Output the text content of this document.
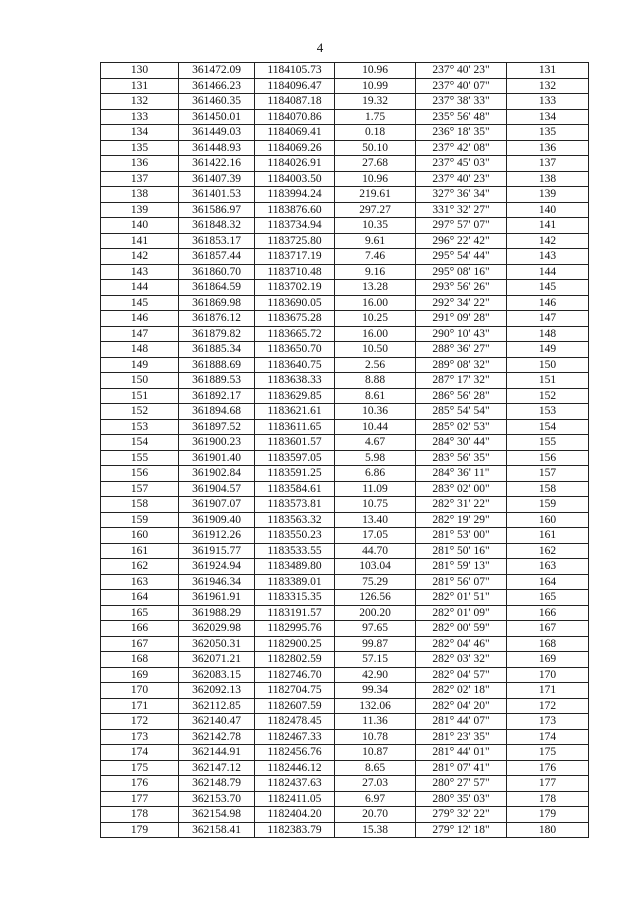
4
130	361472.09	1184105.73	10.96	237° 40' 23"	131
131	361466.23	1184096.47	10.99	237° 40' 07"	132
132	361460.35	1184087.18	19.32	237° 38' 33"	133
133	361450.01	1184070.86	1.75	235° 56' 48"	134
134	361449.03	1184069.41	0.18	236° 18' 35"	135
135	361448.93	1184069.26	50.10	237° 42' 08"	136
136	361422.16	1184026.91	27.68	237° 45' 03"	137
137	361407.39	1184003.50	10.96	237° 40' 23"	138
138	361401.53	1183994.24	219.61	327° 36' 34"	139
139	361586.97	1183876.60	297.27	331° 32' 27"	140
140	361848.32	1183734.94	10.35	297° 57' 07"	141
141	361853.17	1183725.80	9.61	296° 22' 42"	142
142	361857.44	1183717.19	7.46	295° 54' 44"	143
143	361860.70	1183710.48	9.16	295° 08' 16"	144
144	361864.59	1183702.19	13.28	293° 56' 26"	145
145	361869.98	1183690.05	16.00	292° 34' 22"	146
146	361876.12	1183675.28	10.25	291° 09' 28"	147
147	361879.82	1183665.72	16.00	290° 10' 43"	148
148	361885.34	1183650.70	10.50	288° 36' 27"	149
149	361888.69	1183640.75	2.56	289° 08' 32"	150
150	361889.53	1183638.33	8.88	287° 17' 32"	151
151	361892.17	1183629.85	8.61	286° 56' 28"	152
152	361894.68	1183621.61	10.36	285° 54' 54"	153
153	361897.52	1183611.65	10.44	285° 02' 53"	154
154	361900.23	1183601.57	4.67	284° 30' 44"	155
155	361901.40	1183597.05	5.98	283° 56' 35"	156
156	361902.84	1183591.25	6.86	284° 36' 11"	157
157	361904.57	1183584.61	11.09	283° 02' 00"	158
158	361907.07	1183573.81	10.75	282° 31' 22"	159
159	361909.40	1183563.32	13.40	282° 19' 29"	160
160	361912.26	1183550.23	17.05	281° 53' 00"	161
161	361915.77	1183533.55	44.70	281° 50' 16"	162
162	361924.94	1183489.80	103.04	281° 59' 13"	163
163	361946.34	1183389.01	75.29	281° 56' 07"	164
164	361961.91	1183315.35	126.56	282° 01' 51"	165
165	361988.29	1183191.57	200.20	282° 01' 09"	166
166	362029.98	1182995.76	97.65	282° 00' 59"	167
167	362050.31	1182900.25	99.87	282° 04' 46"	168
168	362071.21	1182802.59	57.15	282° 03' 32"	169
169	362083.15	1182746.70	42.90	282° 04' 57"	170
170	362092.13	1182704.75	99.34	282° 02' 18"	171
171	362112.85	1182607.59	132.06	282° 04' 20"	172
172	362140.47	1182478.45	11.36	281° 44' 07"	173
173	362142.78	1182467.33	10.78	281° 23' 35"	174
174	362144.91	1182456.76	10.87	281° 44' 01"	175
175	362147.12	1182446.12	8.65	281° 07' 41"	176
176	362148.79	1182437.63	27.03	280° 27' 57"	177
177	362153.70	1182411.05	6.97	280° 35' 03"	178
178	362154.98	1182404.20	20.70	279° 32' 22"	179
179	362158.41	1182383.79	15.38	279° 12' 18"	180
